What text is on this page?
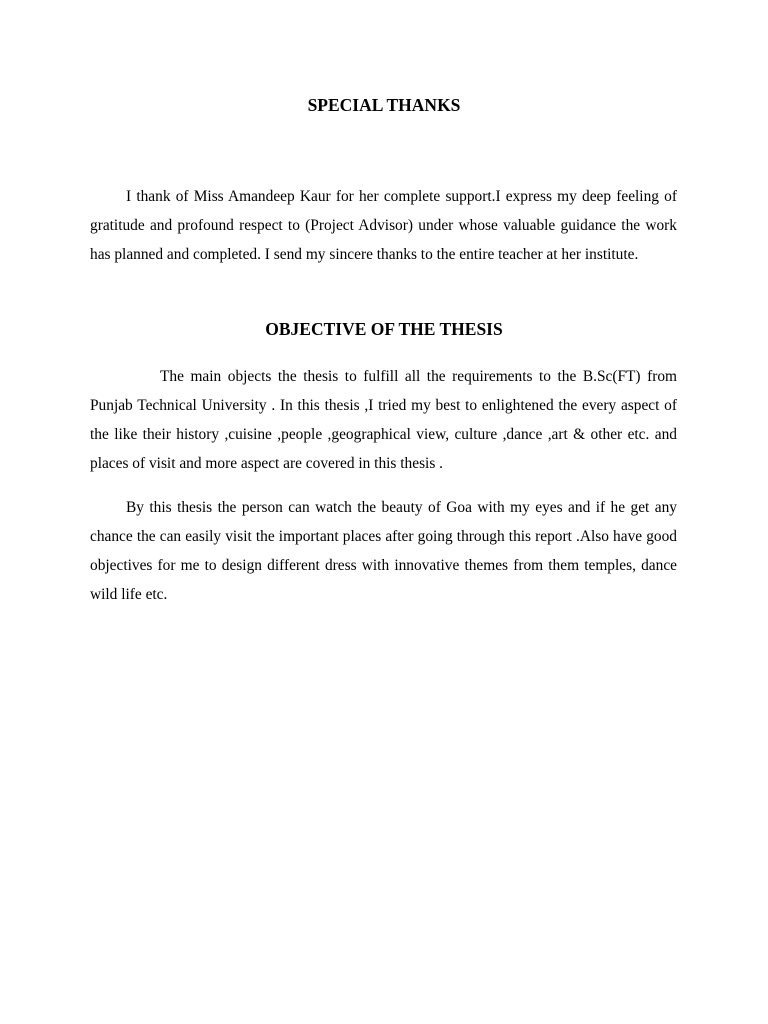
SPECIAL THANKS

I thank of Miss Amandeep Kaur for her complete support.I express my deep feeling of gratitude and profound respect to (Project Advisor) under whose valuable guidance the work has planned and completed. I send my sincere thanks to the entire teacher at her institute.

OBJECTIVE OF THE THESIS

The main objects the thesis to fulfill all the requirements to the B.Sc(FT) from Punjab Technical University . In this thesis ,I tried my best to enlightened the every aspect of the like their history ,cuisine ,people ,geographical view, culture ,dance ,art & other etc. and places of visit and more aspect are covered in this thesis .

By this thesis the person can watch the beauty of Goa with my eyes and if he get any chance the can easily visit the important places after going through this report .Also have good objectives for me to design different dress with innovative themes from them temples, dance wild life etc.
